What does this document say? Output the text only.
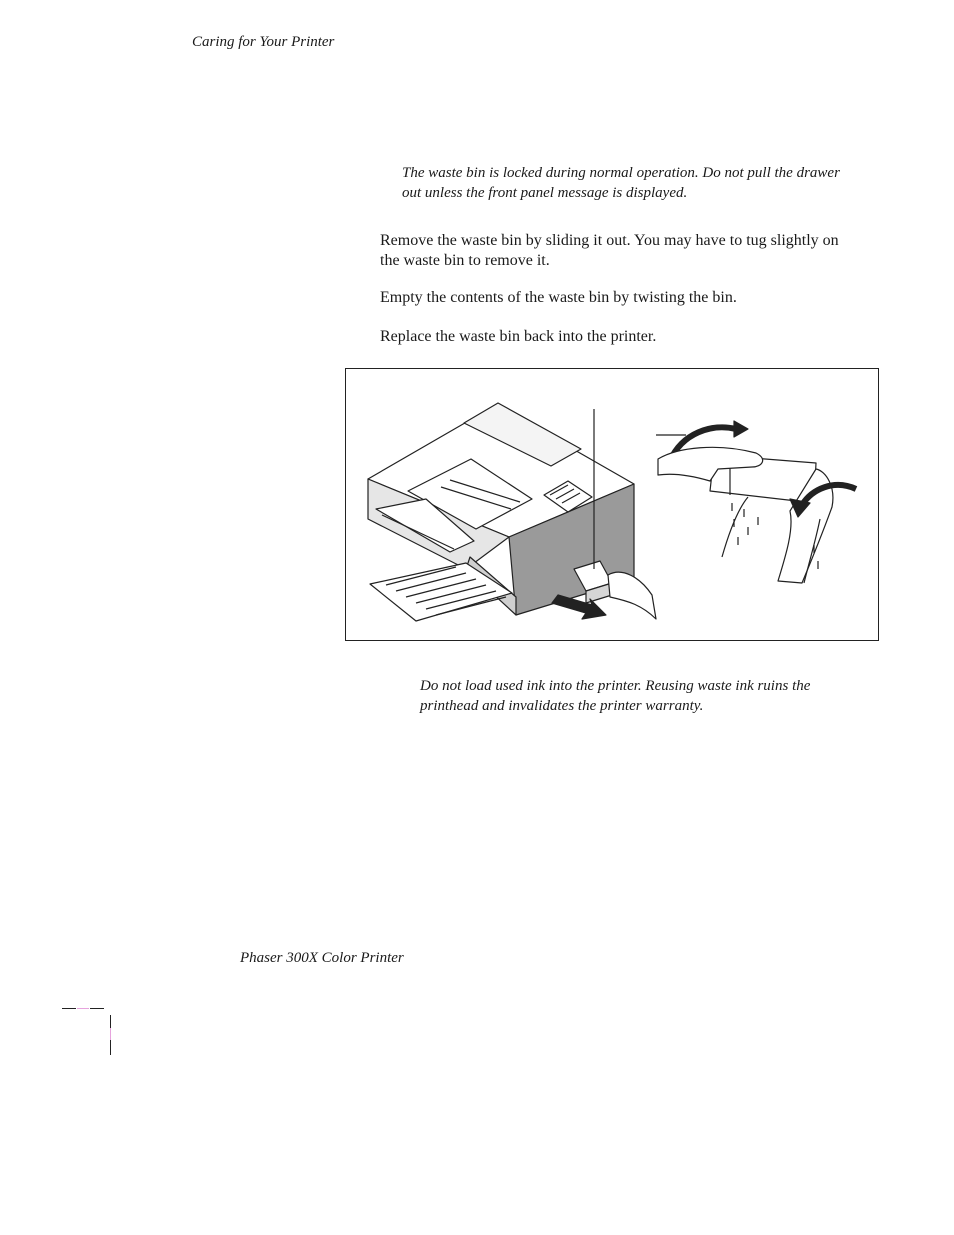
Caring for Your Printer
The waste bin is locked during normal operation. Do not pull the drawer out unless the front panel message is displayed.
Remove the waste bin by sliding it out. You may have to tug slightly on the waste bin to remove it.
Empty the contents of the waste bin by twisting the bin.
Replace the waste bin back into the printer.
Do not load used ink into the printer. Reusing waste ink ruins the printhead and invalidates the printer warranty.
Phaser 300X Color Printer
